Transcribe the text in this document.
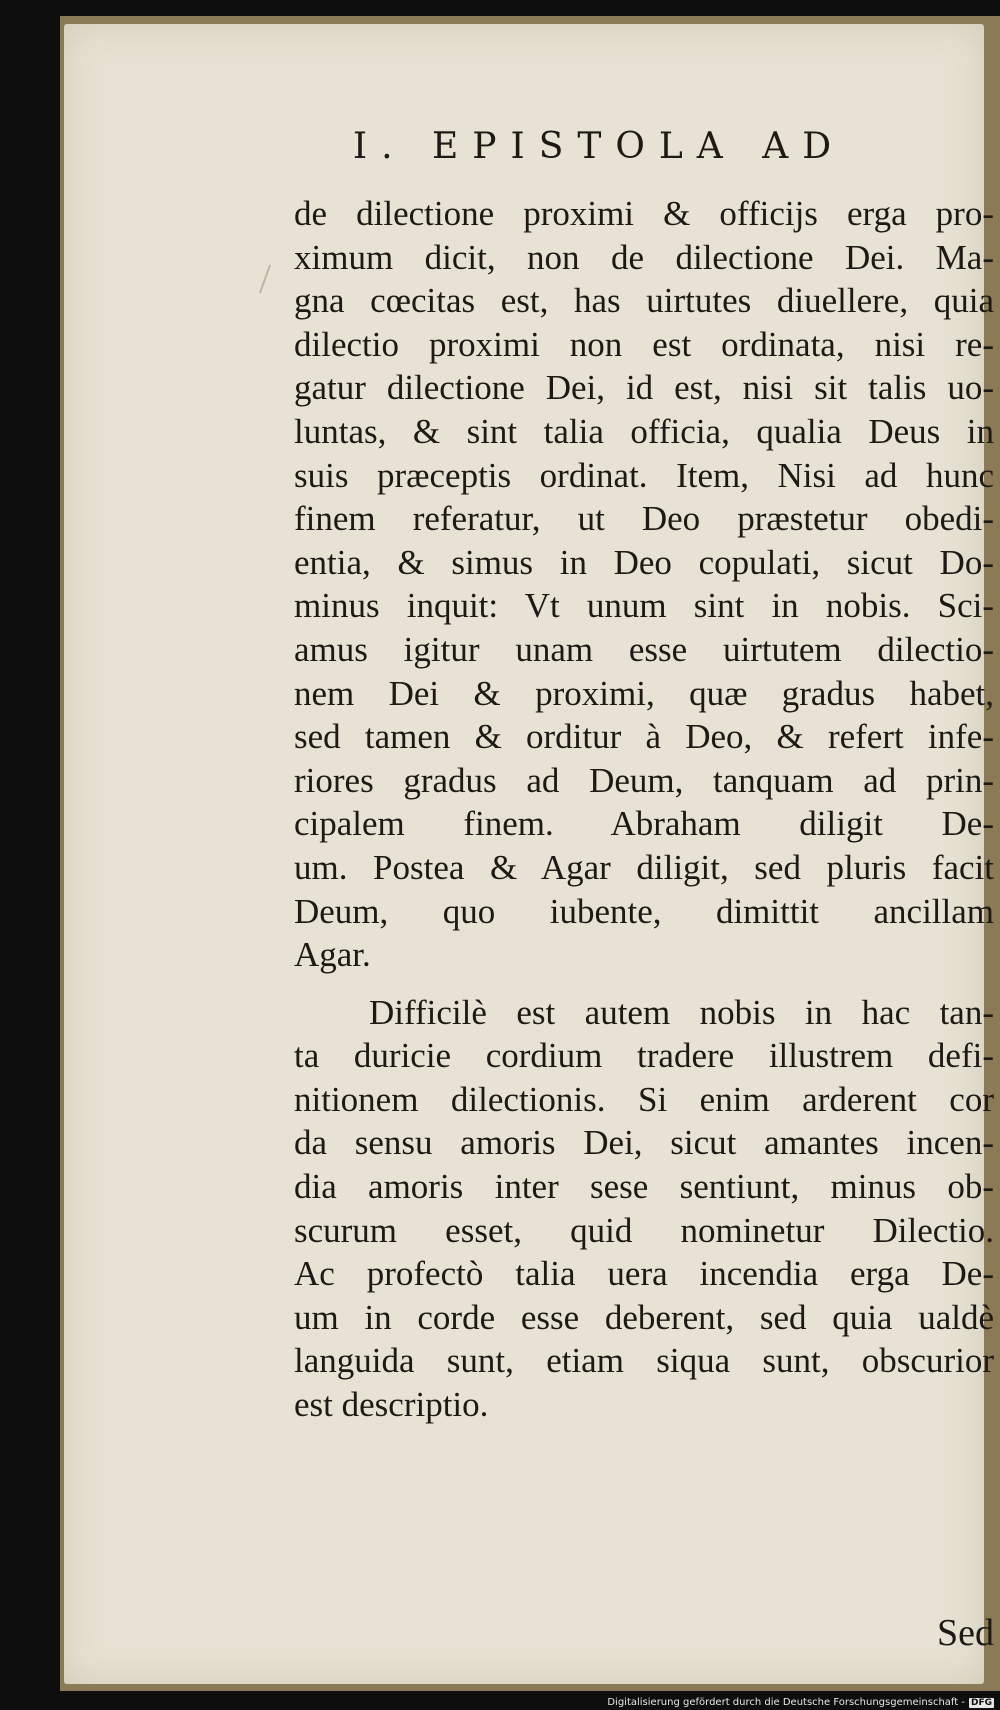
I. EPISTOLA AD
de dilectione proximi & officijs erga pro-
ximum dicit, non de dilectione Dei. Ma-
gna cœcitas est, has uirtutes diuellere, quia
dilectio proximi non est ordinata, nisi re-
gatur dilectione Dei, id est, nisi sit talis uo-
luntas, & sint talia officia, qualia Deus in
suis præceptis ordinat. Item, Nisi ad hunc
finem referatur, ut Deo præstetur obedi-
entia, & simus in Deo copulati, sicut Do-
minus inquit: Vt unum sint in nobis. Sci-
amus igitur unam esse uirtutem dilectio-
nem Dei & proximi, quæ gradus habet,
sed tamen & orditur à Deo, & refert infe-
riores gradus ad Deum, tanquam ad prin-
cipalem finem. Abraham diligit De-
um. Postea & Agar diligit, sed pluris facit
Deum, quo iubente, dimittit ancillam
Agar.
Difficilè est autem nobis in hac tan-
ta duricie cordium tradere illustrem defi-
nitionem dilectionis. Si enim arderent cor
da sensu amoris Dei, sicut amantes incen-
dia amoris inter sese sentiunt, minus ob-
scurum esset, quid nominetur Dilectio.
Ac profectò talia uera incendia erga De-
um in corde esse deberent, sed quia ualdè
languida sunt, etiam siqua sunt, obscurior
est descriptio.
Sed
Digitalisierung gefördert durch die Deutsche Forschungsgemeinschaft - DFG
